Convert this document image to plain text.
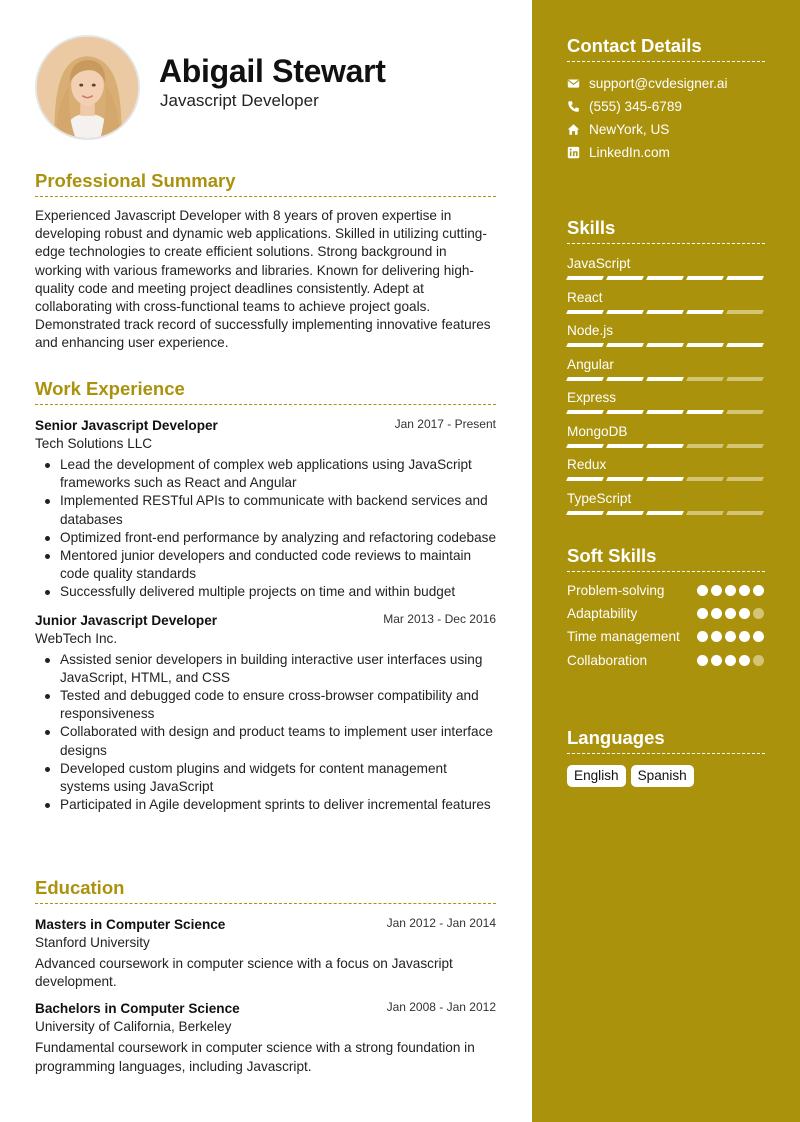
Abigail Stewart
Javascript Developer
Professional Summary
Experienced Javascript Developer with 8 years of proven expertise in developing robust and dynamic web applications. Skilled in utilizing cutting-edge technologies to create efficient solutions. Strong background in working with various frameworks and libraries. Known for delivering high-quality code and meeting project deadlines consistently. Adept at collaborating with cross-functional teams to achieve project goals. Demonstrated track record of successfully implementing innovative features and enhancing user experience.
Work Experience
Senior Javascript Developer	Jan 2017 - Present
Tech Solutions LLC
Lead the development of complex web applications using JavaScript frameworks such as React and Angular
Implemented RESTful APIs to communicate with backend services and databases
Optimized front-end performance by analyzing and refactoring codebase
Mentored junior developers and conducted code reviews to maintain code quality standards
Successfully delivered multiple projects on time and within budget
Junior Javascript Developer	Mar 2013 - Dec 2016
WebTech Inc.
Assisted senior developers in building interactive user interfaces using JavaScript, HTML, and CSS
Tested and debugged code to ensure cross-browser compatibility and responsiveness
Collaborated with design and product teams to implement user interface designs
Developed custom plugins and widgets for content management systems using JavaScript
Participated in Agile development sprints to deliver incremental features
Education
Masters in Computer Science	Jan 2012 - Jan 2014
Stanford University
Advanced coursework in computer science with a focus on Javascript development.
Bachelors in Computer Science	Jan 2008 - Jan 2012
University of California, Berkeley
Fundamental coursework in computer science with a strong foundation in programming languages, including Javascript.
Contact Details
support@cvdesigner.ai
(555) 345-6789
NewYork, US
LinkedIn.com
Skills
JavaScript
React
Node.js
Angular
Express
MongoDB
Redux
TypeScript
Soft Skills
Problem-solving
Adaptability
Time management
Collaboration
Languages
English	Spanish
